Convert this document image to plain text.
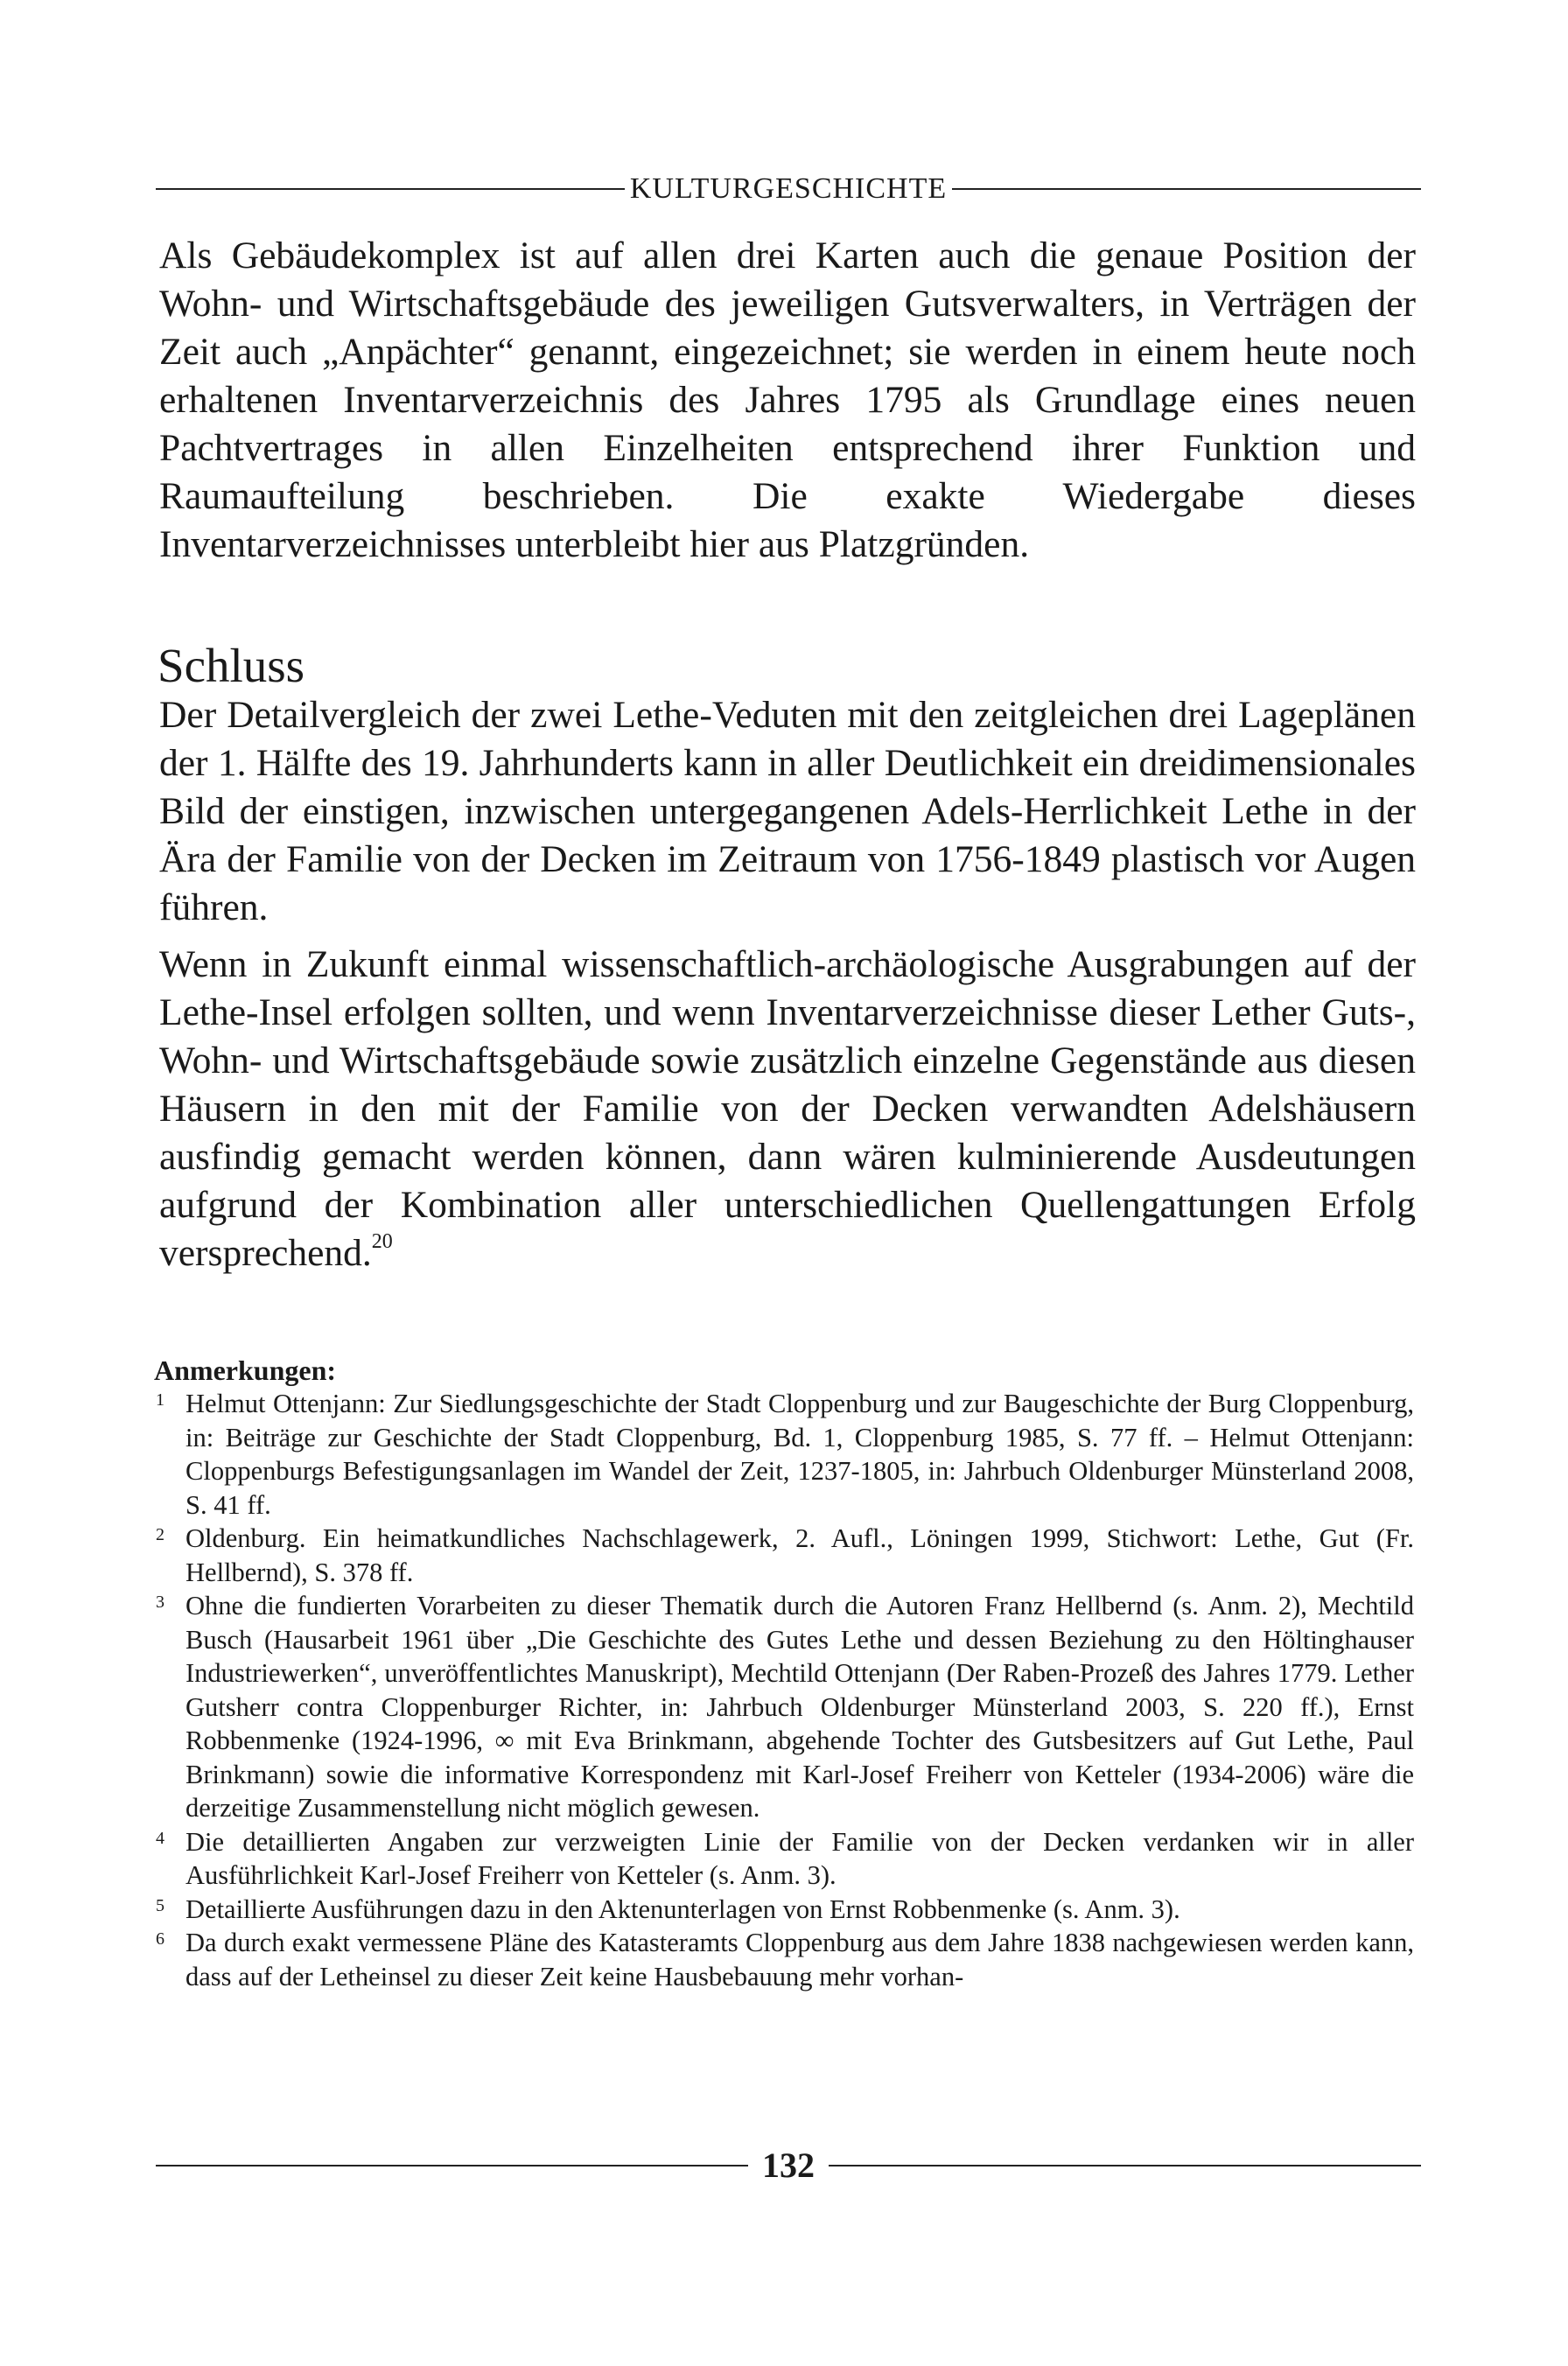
KULTURGESCHICHTE

Als Gebäudekomplex ist auf allen drei Karten auch die genaue Position der Wohn- und Wirtschaftsgebäude des jeweiligen Gutsverwalters, in Verträgen der Zeit auch „Anpächter“ genannt, eingezeichnet; sie werden in einem heute noch erhaltenen Inventarverzeichnis des Jahres 1795 als Grundlage eines neuen Pachtvertrages in allen Einzelheiten entsprechend ihrer Funktion und Raumaufteilung beschrieben. Die exakte Wiedergabe dieses Inventarverzeichnisses unterbleibt hier aus Platzgründen.

Schluss

Der Detailvergleich der zwei Lethe-Veduten mit den zeitgleichen drei Lageplänen der 1. Hälfte des 19. Jahrhunderts kann in aller Deutlichkeit ein dreidimensionales Bild der einstigen, inzwischen untergegangenen Adels-Herrlichkeit Lethe in der Ära der Familie von der Decken im Zeitraum von 1756-1849 plastisch vor Augen führen.

Wenn in Zukunft einmal wissenschaftlich-archäologische Ausgrabungen auf der Lethe-Insel erfolgen sollten, und wenn Inventarverzeichnisse dieser Lether Guts-, Wohn- und Wirtschaftsgebäude sowie zusätzlich einzelne Gegenstände aus diesen Häusern in den mit der Familie von der Decken verwandten Adelshäusern ausfindig gemacht werden können, dann wären kulminierende Ausdeutungen aufgrund der Kombination aller unterschiedlichen Quellengattungen Erfolg versprechend.$^{20}$

Anmerkungen:
1 Helmut Ottenjann: Zur Siedlungsgeschichte der Stadt Cloppenburg und zur Baugeschichte der Burg Cloppenburg, in: Beiträge zur Geschichte der Stadt Cloppenburg, Bd. 1, Cloppenburg 1985, S. 77 ff. – Helmut Ottenjann: Cloppenburgs Befestigungsanlagen im Wandel der Zeit, 1237-1805, in: Jahrbuch Oldenburger Münsterland 2008, S. 41 ff.
2 Oldenburg. Ein heimatkundliches Nachschlagewerk, 2. Aufl., Löningen 1999, Stichwort: Lethe, Gut (Fr. Hellbernd), S. 378 ff.
3 Ohne die fundierten Vorarbeiten zu dieser Thematik durch die Autoren Franz Hellbernd (s. Anm. 2), Mechtild Busch (Hausarbeit 1961 über „Die Geschichte des Gutes Lethe und dessen Beziehung zu den Höltinghauser Industriewerken“, unveröffentlichtes Manuskript), Mechtild Ottenjann (Der Raben-Prozeß des Jahres 1779. Lether Gutsherr contra Cloppenburger Richter, in: Jahrbuch Oldenburger Münsterland 2003, S. 220 ff.), Ernst Robbenmenke (1924-1996, ∞ mit Eva Brinkmann, abgehende Tochter des Gutsbesitzers auf Gut Lethe, Paul Brinkmann) sowie die informative Korrespondenz mit Karl-Josef Freiherr von Ketteler (1934-2006) wäre die derzeitige Zusammenstellung nicht möglich gewesen.
4 Die detaillierten Angaben zur verzweigten Linie der Familie von der Decken verdanken wir in aller Ausführlichkeit Karl-Josef Freiherr von Ketteler (s. Anm. 3).
5 Detaillierte Ausführungen dazu in den Aktenunterlagen von Ernst Robbenmenke (s. Anm. 3).
6 Da durch exakt vermessene Pläne des Katasteramts Cloppenburg aus dem Jahre 1838 nachgewiesen werden kann, dass auf der Letheinsel zu dieser Zeit keine Hausbebauung mehr vorhan-
132
